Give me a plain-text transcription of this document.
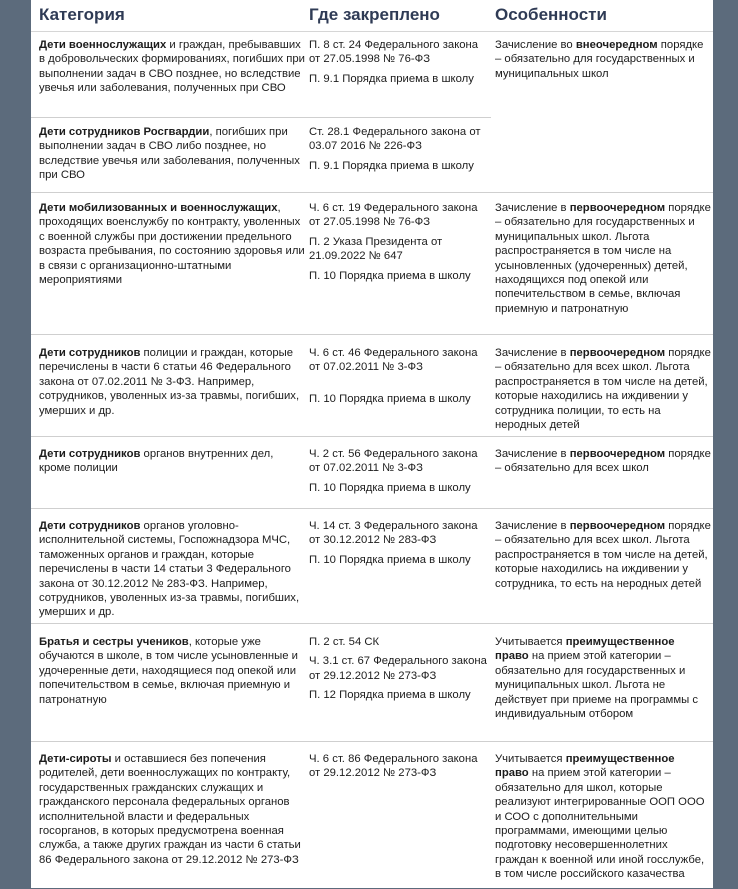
Категория	Где закреплено	Особенности
Дети военнослужащих и граждан, пребывавших в добровольческих формированиях, погибших при выполнении задач в СВО позднее, но вследствие увечья или заболевания, полученных при СВО
П. 8 ст. 24 Федерального закона от 27.05.1998 № 76-ФЗ
П. 9.1 Порядка приема в школу
Зачисление во внеочередном порядке – обязательно для государственных и муниципальных школ
Дети сотрудников Росгвардии, погибших при выполнении задач в СВО либо позднее, но вследствие увечья или заболевания, полученных при СВО
Ст. 28.1 Федерального закона от 03.07 2016 № 226-ФЗ
П. 9.1 Порядка приема в школу
Дети мобилизованных и военнослужащих, проходящих военслужбу по контракту, уволенных с военной службы при достижении предельного возраста пребывания, по состоянию здоровья или в связи с организационно-штатными мероприятиями
Ч. 6 ст. 19 Федерального закона от 27.05.1998 № 76-ФЗ
П. 2 Указа Президента от 21.09.2022 № 647
П. 10 Порядка приема в школу
Зачисление в первоочередном порядке – обязательно для государственных и муниципальных школ. Льгота распространяется в том числе на усыновленных (удочеренных) детей, находящихся под опекой или попечительством в семье, включая приемную и патронатную
Дети сотрудников полиции и граждан, которые перечислены в части 6 статьи 46 Федерального закона от 07.02.2011 № 3-ФЗ. Например, сотрудников, уволенных из-за травмы, погибших, умерших и др.
Ч. 6 ст. 46 Федерального закона от 07.02.2011 № 3-ФЗ
П. 10 Порядка приема в школу
Зачисление в первоочередном порядке – обязательно для всех школ. Льгота распространяется в том числе на детей, которые находились на иждивении у сотрудника полиции, то есть на неродных детей
Дети сотрудников органов внутренних дел, кроме полиции
Ч. 2 ст. 56 Федерального закона от 07.02.2011 № 3-ФЗ
П. 10 Порядка приема в школу
Зачисление в первоочередном порядке – обязательно для всех школ
Дети сотрудников органов уголовно-исполнительной системы, Госпожнадзора МЧС, таможенных органов и граждан, которые перечислены в части 14 статьи 3 Федерального закона от 30.12.2012 № 283-ФЗ. Например, сотрудников, уволенных из-за травмы, погибших, умерших и др.
Ч. 14 ст. 3 Федерального закона от 30.12.2012 № 283-ФЗ
П. 10 Порядка приема в школу
Зачисление в первоочередном порядке – обязательно для всех школ. Льгота распространяется в том числе на детей, которые находились на иждивении у сотрудника, то есть на неродных детей
Братья и сестры учеников, которые уже обучаются в школе, в том числе усыновленные и удочеренные дети, находящиеся под опекой или попечительством в семье, включая приемную и патронатную
П. 2 ст. 54 СК
Ч. 3.1 ст. 67 Федерального закона от 29.12.2012 № 273-ФЗ
П. 12 Порядка приема в школу
Учитывается преимущественное право на прием этой категории – обязательно для государственных и муниципальных школ. Льгота не действует при приеме на программы с индивидуальным отбором
Дети-сироты и оставшиеся без попечения родителей, дети военнослужащих по контракту, государственных гражданских служащих и гражданского персонала федеральных органов исполнительной власти и федеральных госорганов, в которых предусмотрена военная служба, а также других граждан из части 6 статьи 86 Федерального закона от 29.12.2012 № 273-ФЗ
Ч. 6 ст. 86 Федерального закона от 29.12.2012 № 273-ФЗ
Учитывается преимущественное право на прием этой категории – обязательно для школ, которые реализуют интегрированные ООП ООО и СОО с дополнительными программами, имеющими целью подготовку несовершеннолетних граждан к военной или иной госслужбе, в том числе российского казачества
